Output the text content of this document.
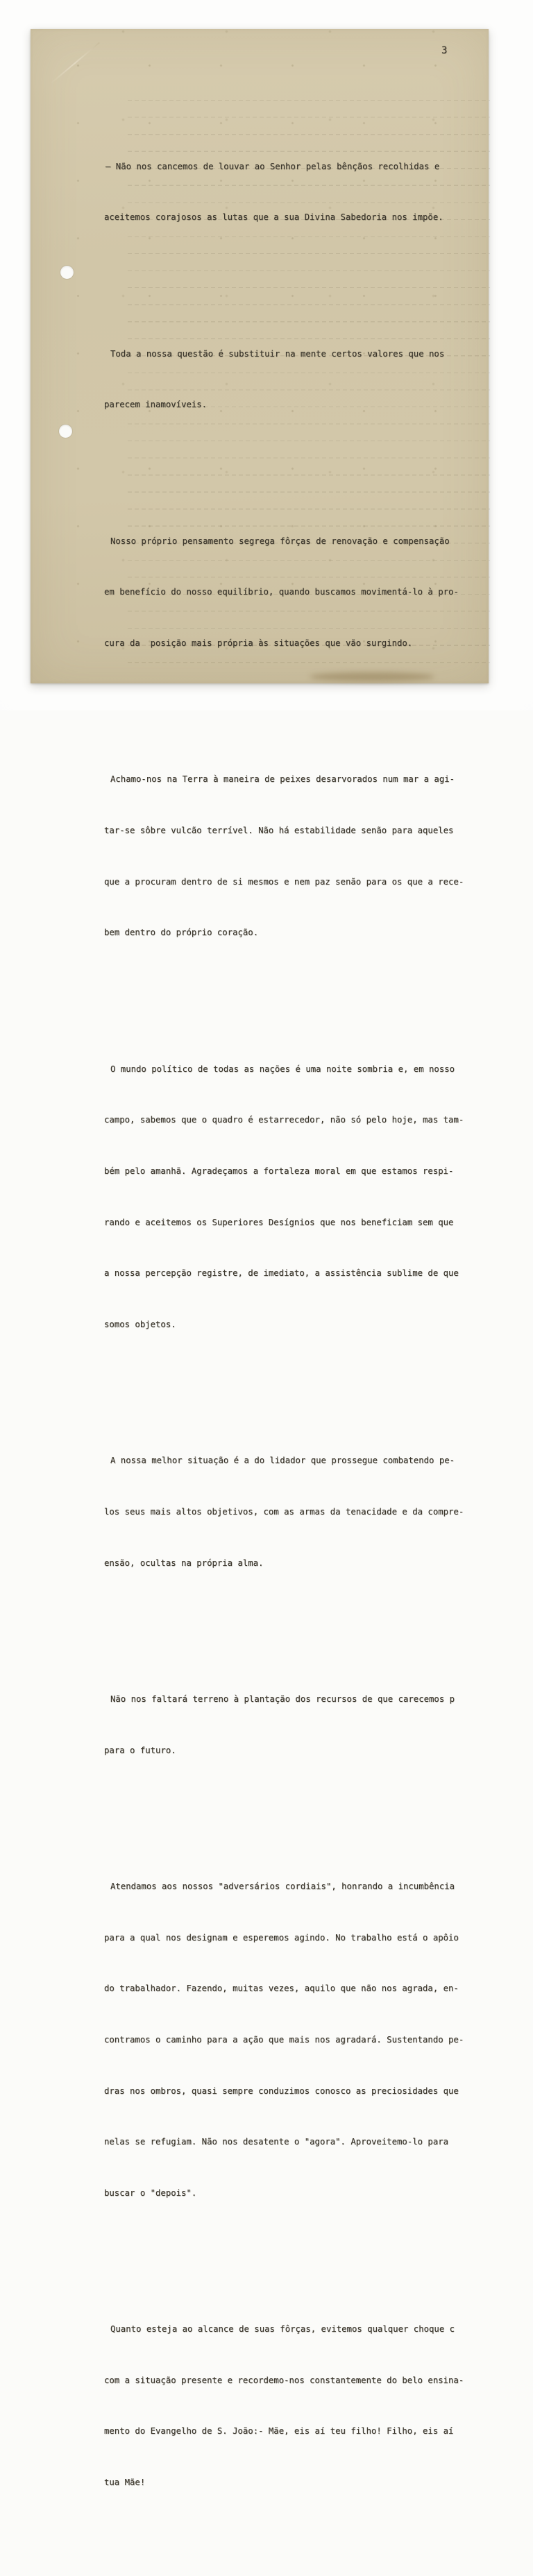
3

– Não nos cancemos de louvar ao Senhor pelas bênçãos recolhidas e

aceitemos corajosos as lutas que a sua Divina Sabedoria nos impõe.

Toda a nossa questão é substituir na mente certos valores que nos

parecem inamovíveis.

Nosso próprio pensamento segrega fôrças de renovação e compensação

em benefício do nosso equilíbrio, quando buscamos movimentá-lo à pro-

cura da  posição mais própria às situações que vão surgindo.

Achamo-nos na Terra à maneira de peixes desarvorados num mar a agi-

tar-se sôbre vulcão terrível. Não há estabilidade senão para aqueles

que a procuram dentro de si mesmos e nem paz senão para os que a rece-

bem dentro do próprio coração.

O mundo político de todas as nações é uma noite sombria e, em nosso

campo, sabemos que o quadro é estarrecedor, não só pelo hoje, mas tam-

bém pelo amanhã. Agradeçamos a fortaleza moral em que estamos respi-

rando e aceitemos os Superiores Desígnios que nos beneficiam sem que

a nossa percepção registre, de imediato, a assistência sublime de que

somos objetos.

A nossa melhor situação é a do lidador que prossegue combatendo pe-

los seus mais altos objetivos, com as armas da tenacidade e da compre-

ensão, ocultas na própria alma.

Não nos faltará terreno à plantação dos recursos de que carecemos p

para o futuro.

Atendamos aos nossos "adversários cordiais", honrando a incumbência

para a qual nos designam e esperemos agindo. No trabalho está o apôio

do trabalhador. Fazendo, muitas vezes, aquilo que não nos agrada, en-

contramos o caminho para a ação que mais nos agradará. Sustentando pe-

dras nos ombros, quasi sempre conduzimos conosco as preciosidades que

nelas se refugiam. Não nos desatente o "agora". Aproveitemo-lo para

buscar o "depois".

Quanto esteja ao alcance de suas fôrças, evitemos qualquer choque c

com a situação presente e recordemo-nos constantemente do belo ensina-

mento do Evangelho de S. João:- Mãe, eis aí teu filho! Filho, eis aí

tua Mãe!
